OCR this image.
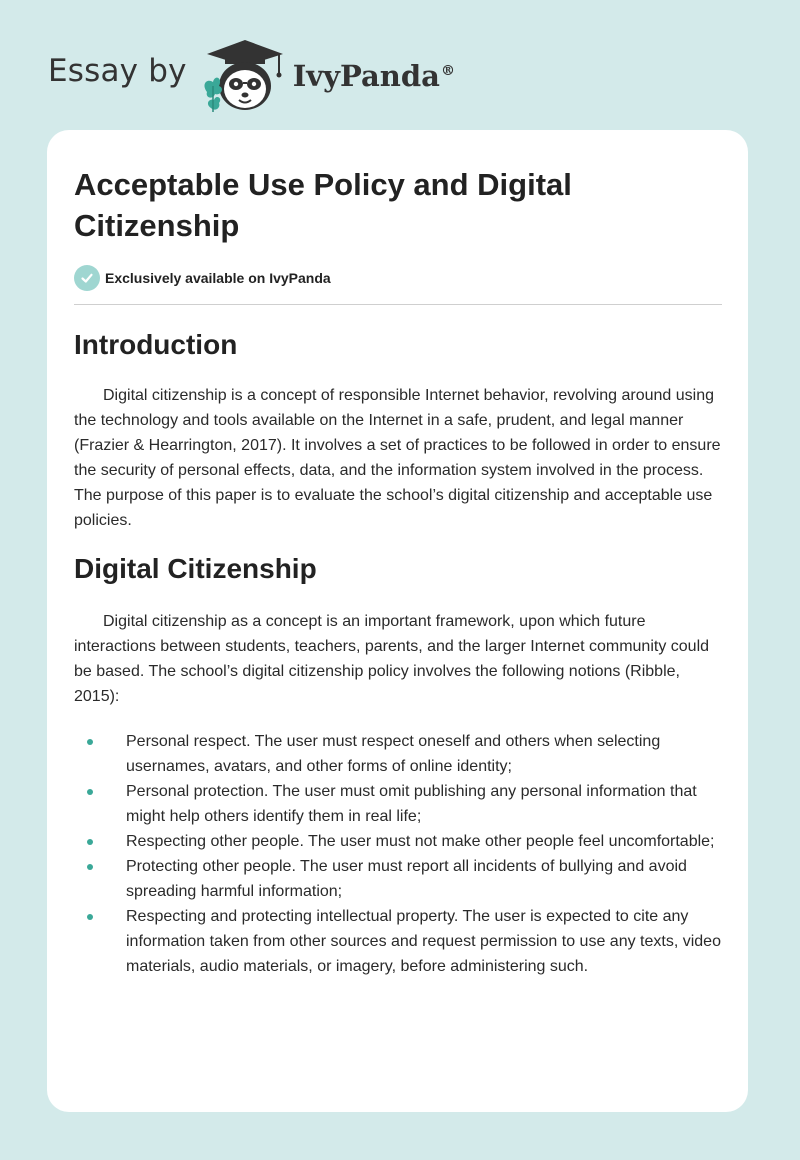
Essay by	IvyPanda®
Acceptable Use Policy and Digital Citizenship
Exclusively available on IvyPanda
Introduction

Digital citizenship is a concept of responsible Internet behavior, revolving around using the technology and tools available on the Internet in a safe, prudent, and legal manner (Frazier & Hearrington, 2017). It involves a set of practices to be followed in order to ensure the security of personal effects, data, and the information system involved in the process. The purpose of this paper is to evaluate the school’s digital citizenship and acceptable use policies.

Digital Citizenship

Digital citizenship as a concept is an important framework, upon which future interactions between students, teachers, parents, and the larger Internet community could be based. The school’s digital citizenship policy involves the following notions (Ribble, 2015):

Personal respect. The user must respect oneself and others when selecting usernames, avatars, and other forms of online identity;
Personal protection. The user must omit publishing any personal information that might help others identify them in real life;
Respecting other people. The user must not make other people feel uncomfortable;
Protecting other people. The user must report all incidents of bullying and avoid spreading harmful information;
Respecting and protecting intellectual property. The user is expected to cite any information taken from other sources and request permission to use any texts, video materials, audio materials, or imagery, before administering such.
